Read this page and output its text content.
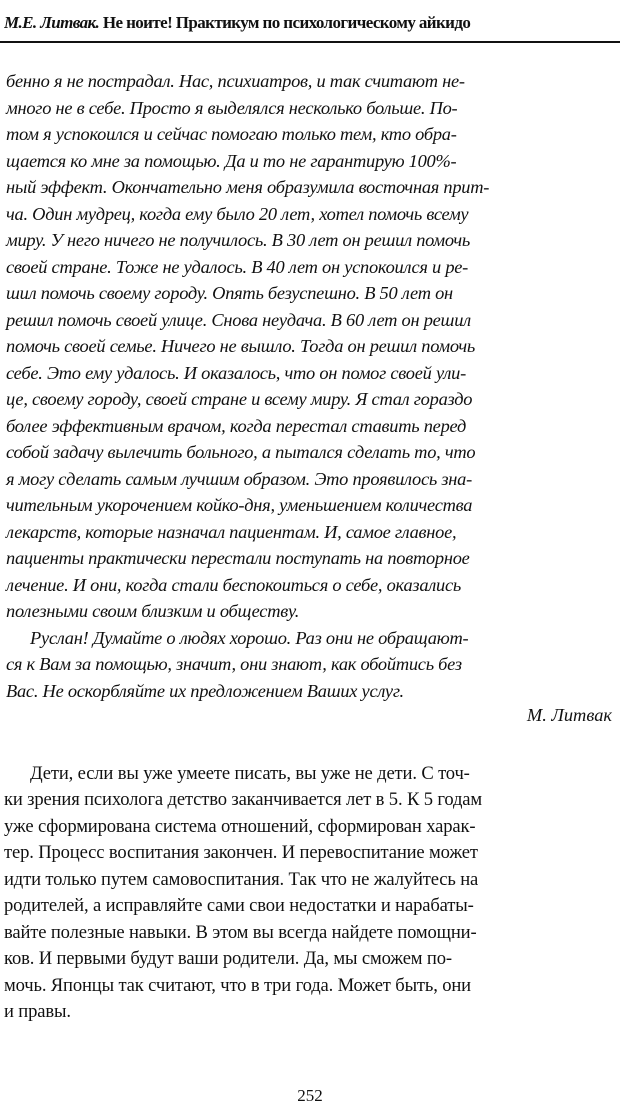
М.Е. Литвак. Не ноите! Практикум по психологическому айкидо
бенно я не пострадал. Нас, психиатров, и так считают не-
много не в себе. Просто я выделялся несколько больше. По-
том я успокоился и сейчас помогаю только тем, кто обра-
щается ко мне за помощью. Да и то не гарантирую 100%-
ный эффект. Окончательно меня образумила восточная прит-
ча. Один мудрец, когда ему было 20 лет, хотел помочь всему
миру. У него ничего не получилось. В 30 лет он решил помочь
своей стране. Тоже не удалось. В 40 лет он успокоился и ре-
шил помочь своему городу. Опять безуспешно. В 50 лет он
решил помочь своей улице. Снова неудача. В 60 лет он решил
помочь своей семье. Ничего не вышло. Тогда он решил помочь
себе. Это ему удалось. И оказалось, что он помог своей ули-
це, своему городу, своей стране и всему миру. Я стал гораздо
более эффективным врачом, когда перестал ставить перед
собой задачу вылечить больного, а пытался сделать то, что
я могу сделать самым лучшим образом. Это проявилось зна-
чительным укорочением койко-дня, уменьшением количества
лекарств, которые назначал пациентам. И, самое главное,
пациенты практически перестали поступать на повторное
лечение. И они, когда стали беспокоиться о себе, оказались
полезными своим близким и обществу.
Руслан! Думайте о людях хорошо. Раз они не обращают-
ся к Вам за помощью, значит, они знают, как обойтись без
Вас. Не оскорбляйте их предложением Ваших услуг.
М. Литвак
Дети, если вы уже умеете писать, вы уже не дети. С точ-
ки зрения психолога детство заканчивается лет в 5. К 5 годам
уже сформирована система отношений, сформирован харак-
тер. Процесс воспитания закончен. И перевоспитание может
идти только путем самовоспитания. Так что не жалуйтесь на
родителей, а исправляйте сами свои недостатки и нарабаты-
вайте полезные навыки. В этом вы всегда найдете помощни-
ков. И первыми будут ваши родители. Да, мы сможем по-
мочь. Японцы так считают, что в три года. Может быть, они
и правы.
252
